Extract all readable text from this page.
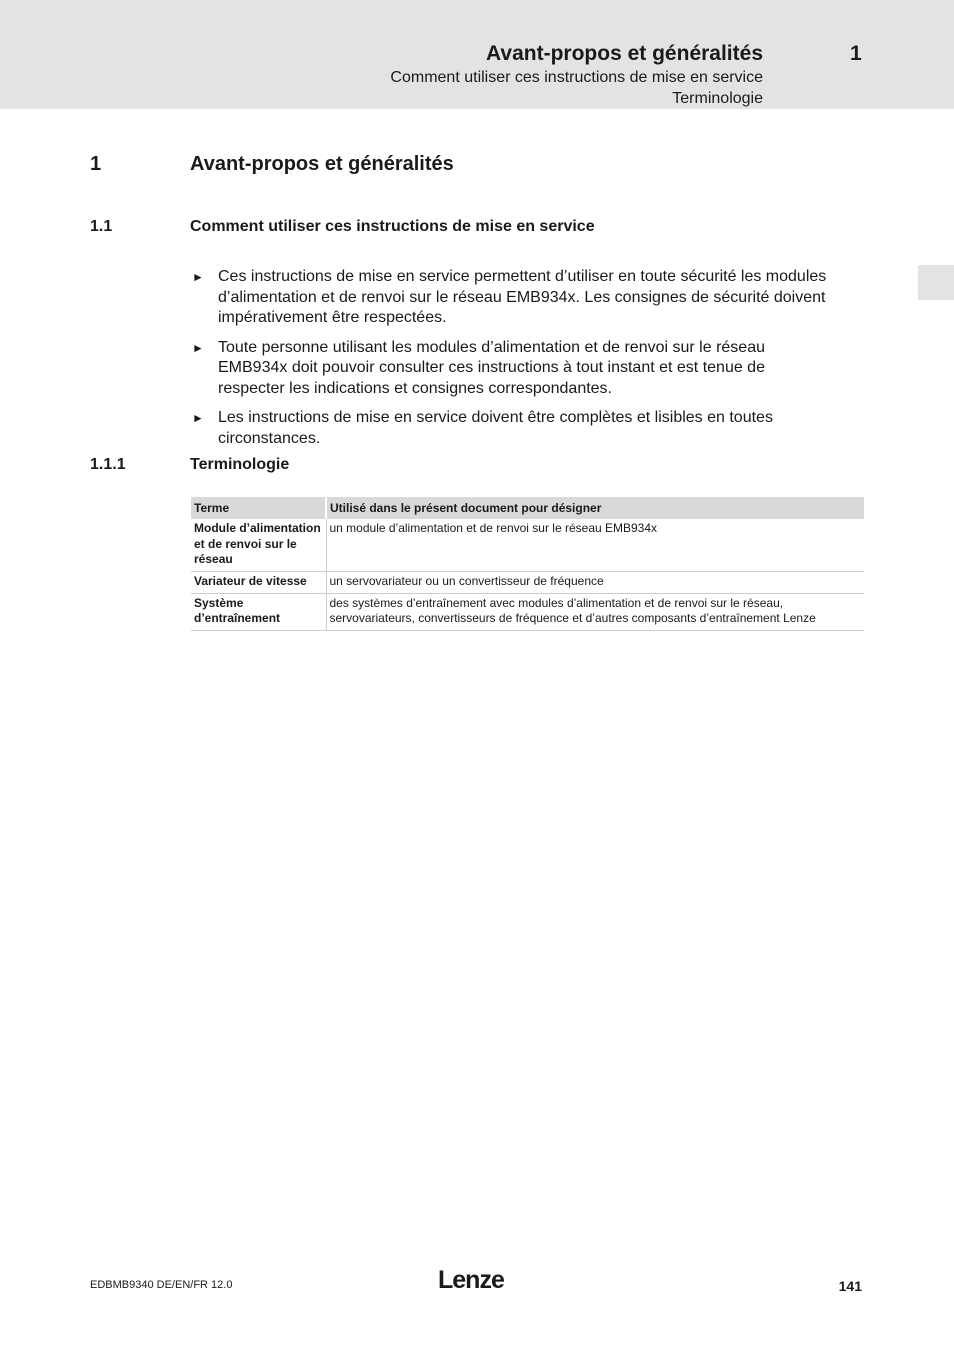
Avant-propos et généralités	1
Comment utiliser ces instructions de mise en service
Terminologie
1	Avant-propos et généralités
1.1	Comment utiliser ces instructions de mise en service
► Ces instructions de mise en service permettent d’utiliser en toute sécurité les modules d’alimentation et de renvoi sur le réseau EMB934x. Les consignes de sécurité doivent impérativement être respectées.
► Toute personne utilisant les modules d’alimentation et de renvoi sur le réseau EMB934x doit pouvoir consulter ces instructions à tout instant et est tenue de respecter les indications et consignes correspondantes.
► Les instructions de mise en service doivent être complètes et lisibles en toutes circonstances.
1.1.1	Terminologie
Terme	Utilisé dans le présent document pour désigner
Module d’alimentation et de renvoi sur le réseau	un module d’alimentation et de renvoi sur le réseau EMB934x
Variateur de vitesse	un servovariateur ou un convertisseur de fréquence
Système d’entraînement	des systèmes d’entraînement avec modules d’alimentation et de renvoi sur le réseau, servovariateurs, convertisseurs de fréquence et d’autres composants d’entraînement Lenze
EDBMB9340 DE/EN/FR 12.0	Lenze	141
